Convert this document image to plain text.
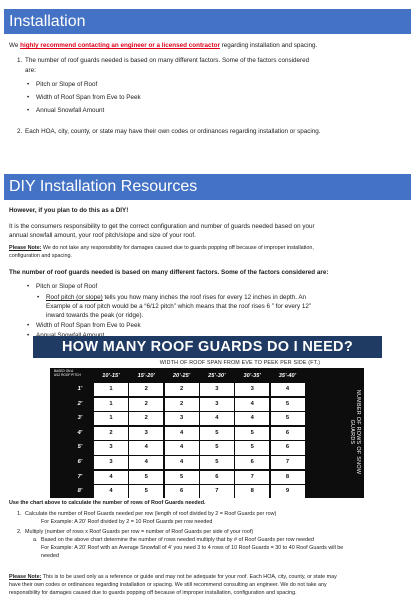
Installation
We highly recommend contacting an engineer or a licensed contractor regarding installation and spacing.
1. The number of roof guards needed is based on many different factors. Some of the factors considered
are:
• Pitch or Slope of Roof
• Width of Roof Span from Eve to Peek
• Annual Snowfall Amount
2. Each HOA, city, county, or state may have their own codes or ordinances regarding installation or spacing.
DIY Installation Resources
However, if you plan to do this as a DIY!
It is the consumers responsibility to get the correct configuration and number of guards needed based on your
annual snowfall amount, your roof pitch/slope and size of your roof.
Please Note: We do not take any responsibility for damages caused due to guards popping off because of improper installation,
configuration and spacing.
The number of roof guards needed is based on many different factors. Some of the factors considered are:
• Pitch or Slope of Roof
• Roof pitch (or slope) tells you how many inches the roof rises for every 12 inches in depth. An
Example of a roof pitch would be a “6/12 pitch” which means that the roof rises 6 ” for every 12”
inward towards the peak (or ridge).
• Width of Roof Span from Eve to Peek
•
HOW MANY ROOF GUARDS DO I NEED?
WIDTH OF ROOF SPAN FROM EVE TO PEEK PER SIDE (FT.)
BASED ON A
6/12 ROOF PITCH
NUMBER OF ROWS OF SNOW GUARDS
10’-15’	15’-20’	20’-25’	25’-30’	30’-35’	35’-40’
1’	1	2	2	3	3	4
2’	1	2	2	3	4	5
3’	1	2	3	4	4	5
4’	2	3	4	5	5	6
5’	3	4	4	5	5	6
6’	3	4	4	5	6	7
7’	4	5	5	6	7	8
8’	4	5	6	7	8	9
Use the chart above to calculate the number of rows of Roof Guards needed.
1. Calculate the number of Roof Guards needed per row (length of roof divided by 2 = Roof Guards per row)
For Example: A 20’ Roof divided by 2 = 10 Roof Guards per row needed
2. Multiply (number of rows x Roof Guards per row = number of Roof Guards per side of your roof)
a. Based on the above chart determine the number of rows needed multiply that by # of Roof Guards per row needed
For Example: A 20’ Roof with an Average Snowfall of 4’ you need 3 to 4 rows of 10 Roof Guards = 30 to 40 Roof Guards will be
needed
Please Note: This is to be used only as a reference or guide and may not be adequate for your roof. Each HOA, city, county, or state may
have their own codes or ordinances regarding installation or spacing. We still recommend consulting an engineer. We do not take any
responsibility for damages caused due to guards popping off because of improper installation, configuration and spacing.
